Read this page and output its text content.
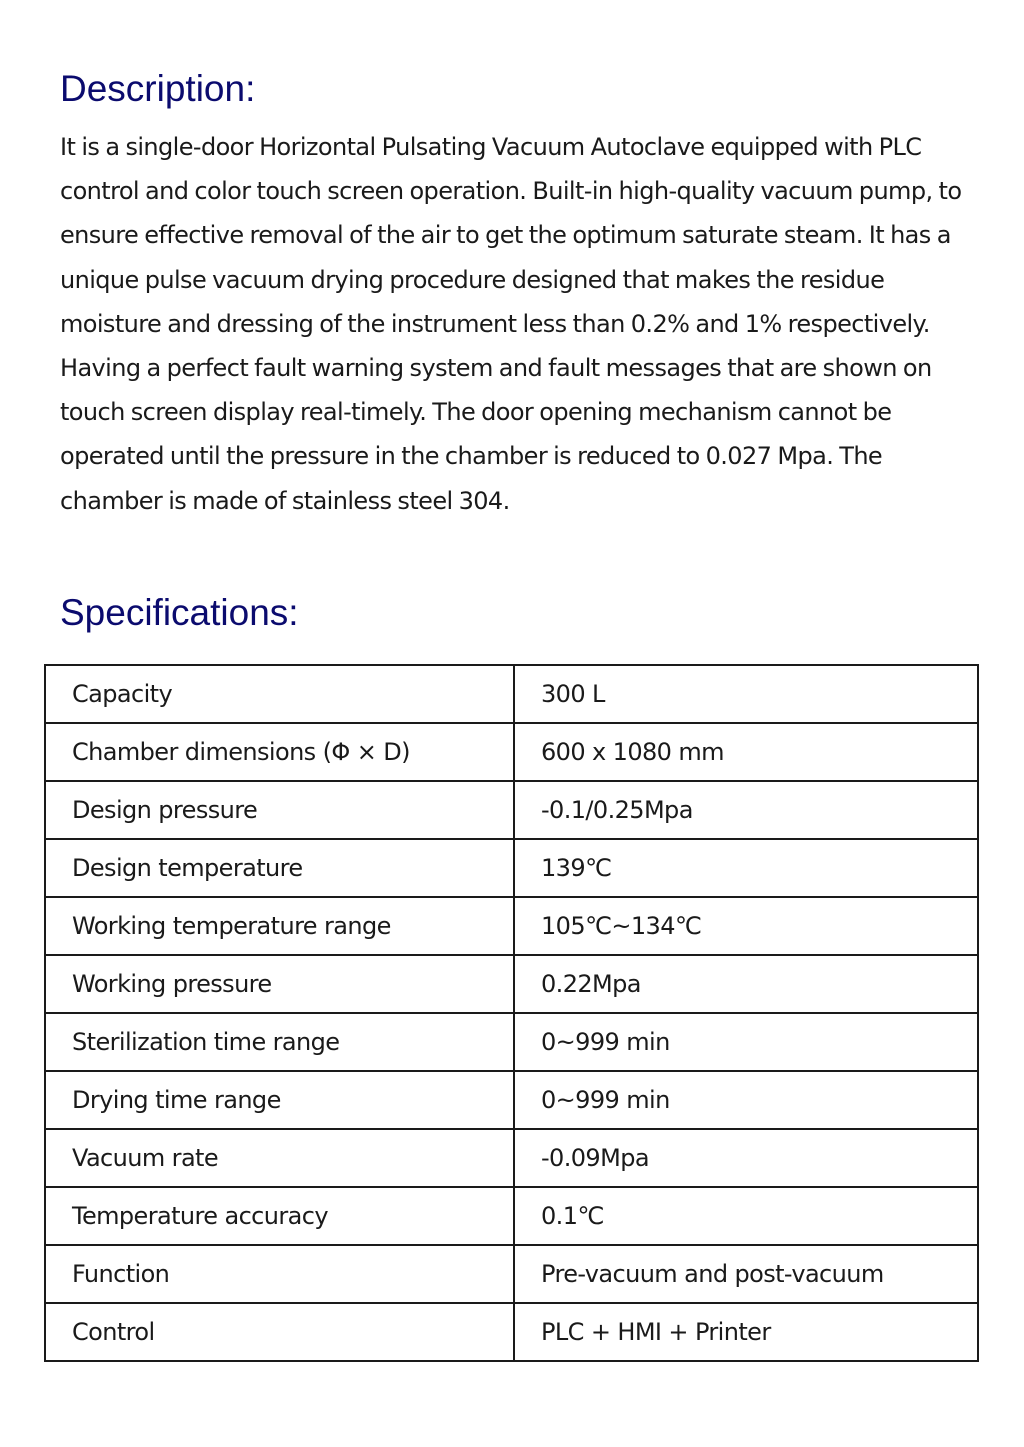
Description:

It is a single-door Horizontal Pulsating Vacuum Autoclave equipped with PLC control and color touch screen operation. Built-in high-quality vacuum pump, to ensure effective removal of the air to get the optimum saturate steam. It has a unique pulse vacuum drying procedure designed that makes the residue moisture and dressing of the instrument less than 0.2% and 1% respectively. Having a perfect fault warning system and fault messages that are shown on touch screen display real-timely. The door opening mechanism cannot be operated until the pressure in the chamber is reduced to 0.027 Mpa. The chamber is made of stainless steel 304.

Specifications:
Capacity	300 L
Chamber dimensions (Φ × D)	600 x 1080 mm
Design pressure	-0.1/0.25Mpa
Design temperature	139℃
Working temperature range	105℃~134℃
Working pressure	0.22Mpa
Sterilization time range	0~999 min
Drying time range	0~999 min
Vacuum rate	-0.09Mpa
Temperature accuracy	0.1℃
Function	Pre-vacuum and post-vacuum
Control	PLC + HMI + Printer
